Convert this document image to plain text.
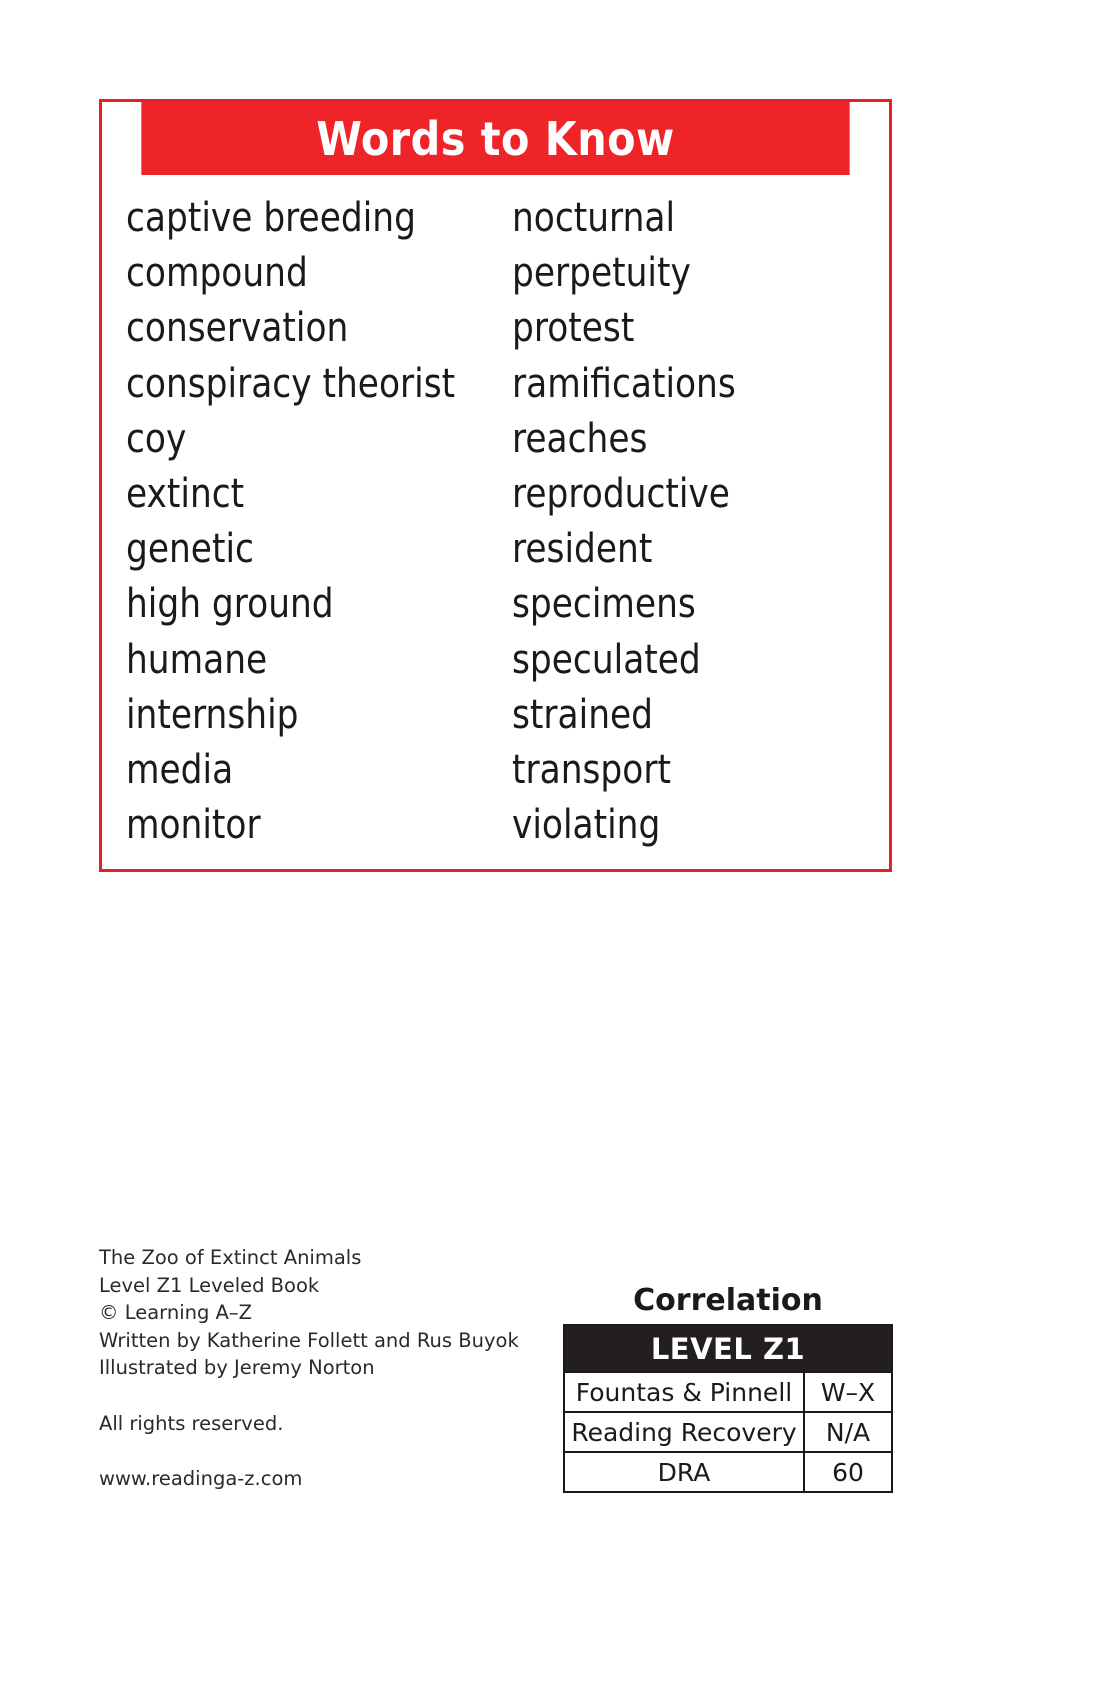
Words to Know
captive breeding
compound
conservation
conspiracy theorist
coy
extinct
genetic
high ground
humane
internship
media
monitor
nocturnal
perpetuity
protest
ramifications
reaches
reproductive
resident
specimens
speculated
strained
transport
violating
The Zoo of Extinct Animals
Level Z1 Leveled Book
© Learning A–Z
Written by Katherine Follett and Rus Buyok
Illustrated by Jeremy Norton
All rights reserved.
www.readinga-z.com
Correlation
LEVEL Z1
Fountas & Pinnell	W–X
Reading Recovery	N/A
DRA	60
